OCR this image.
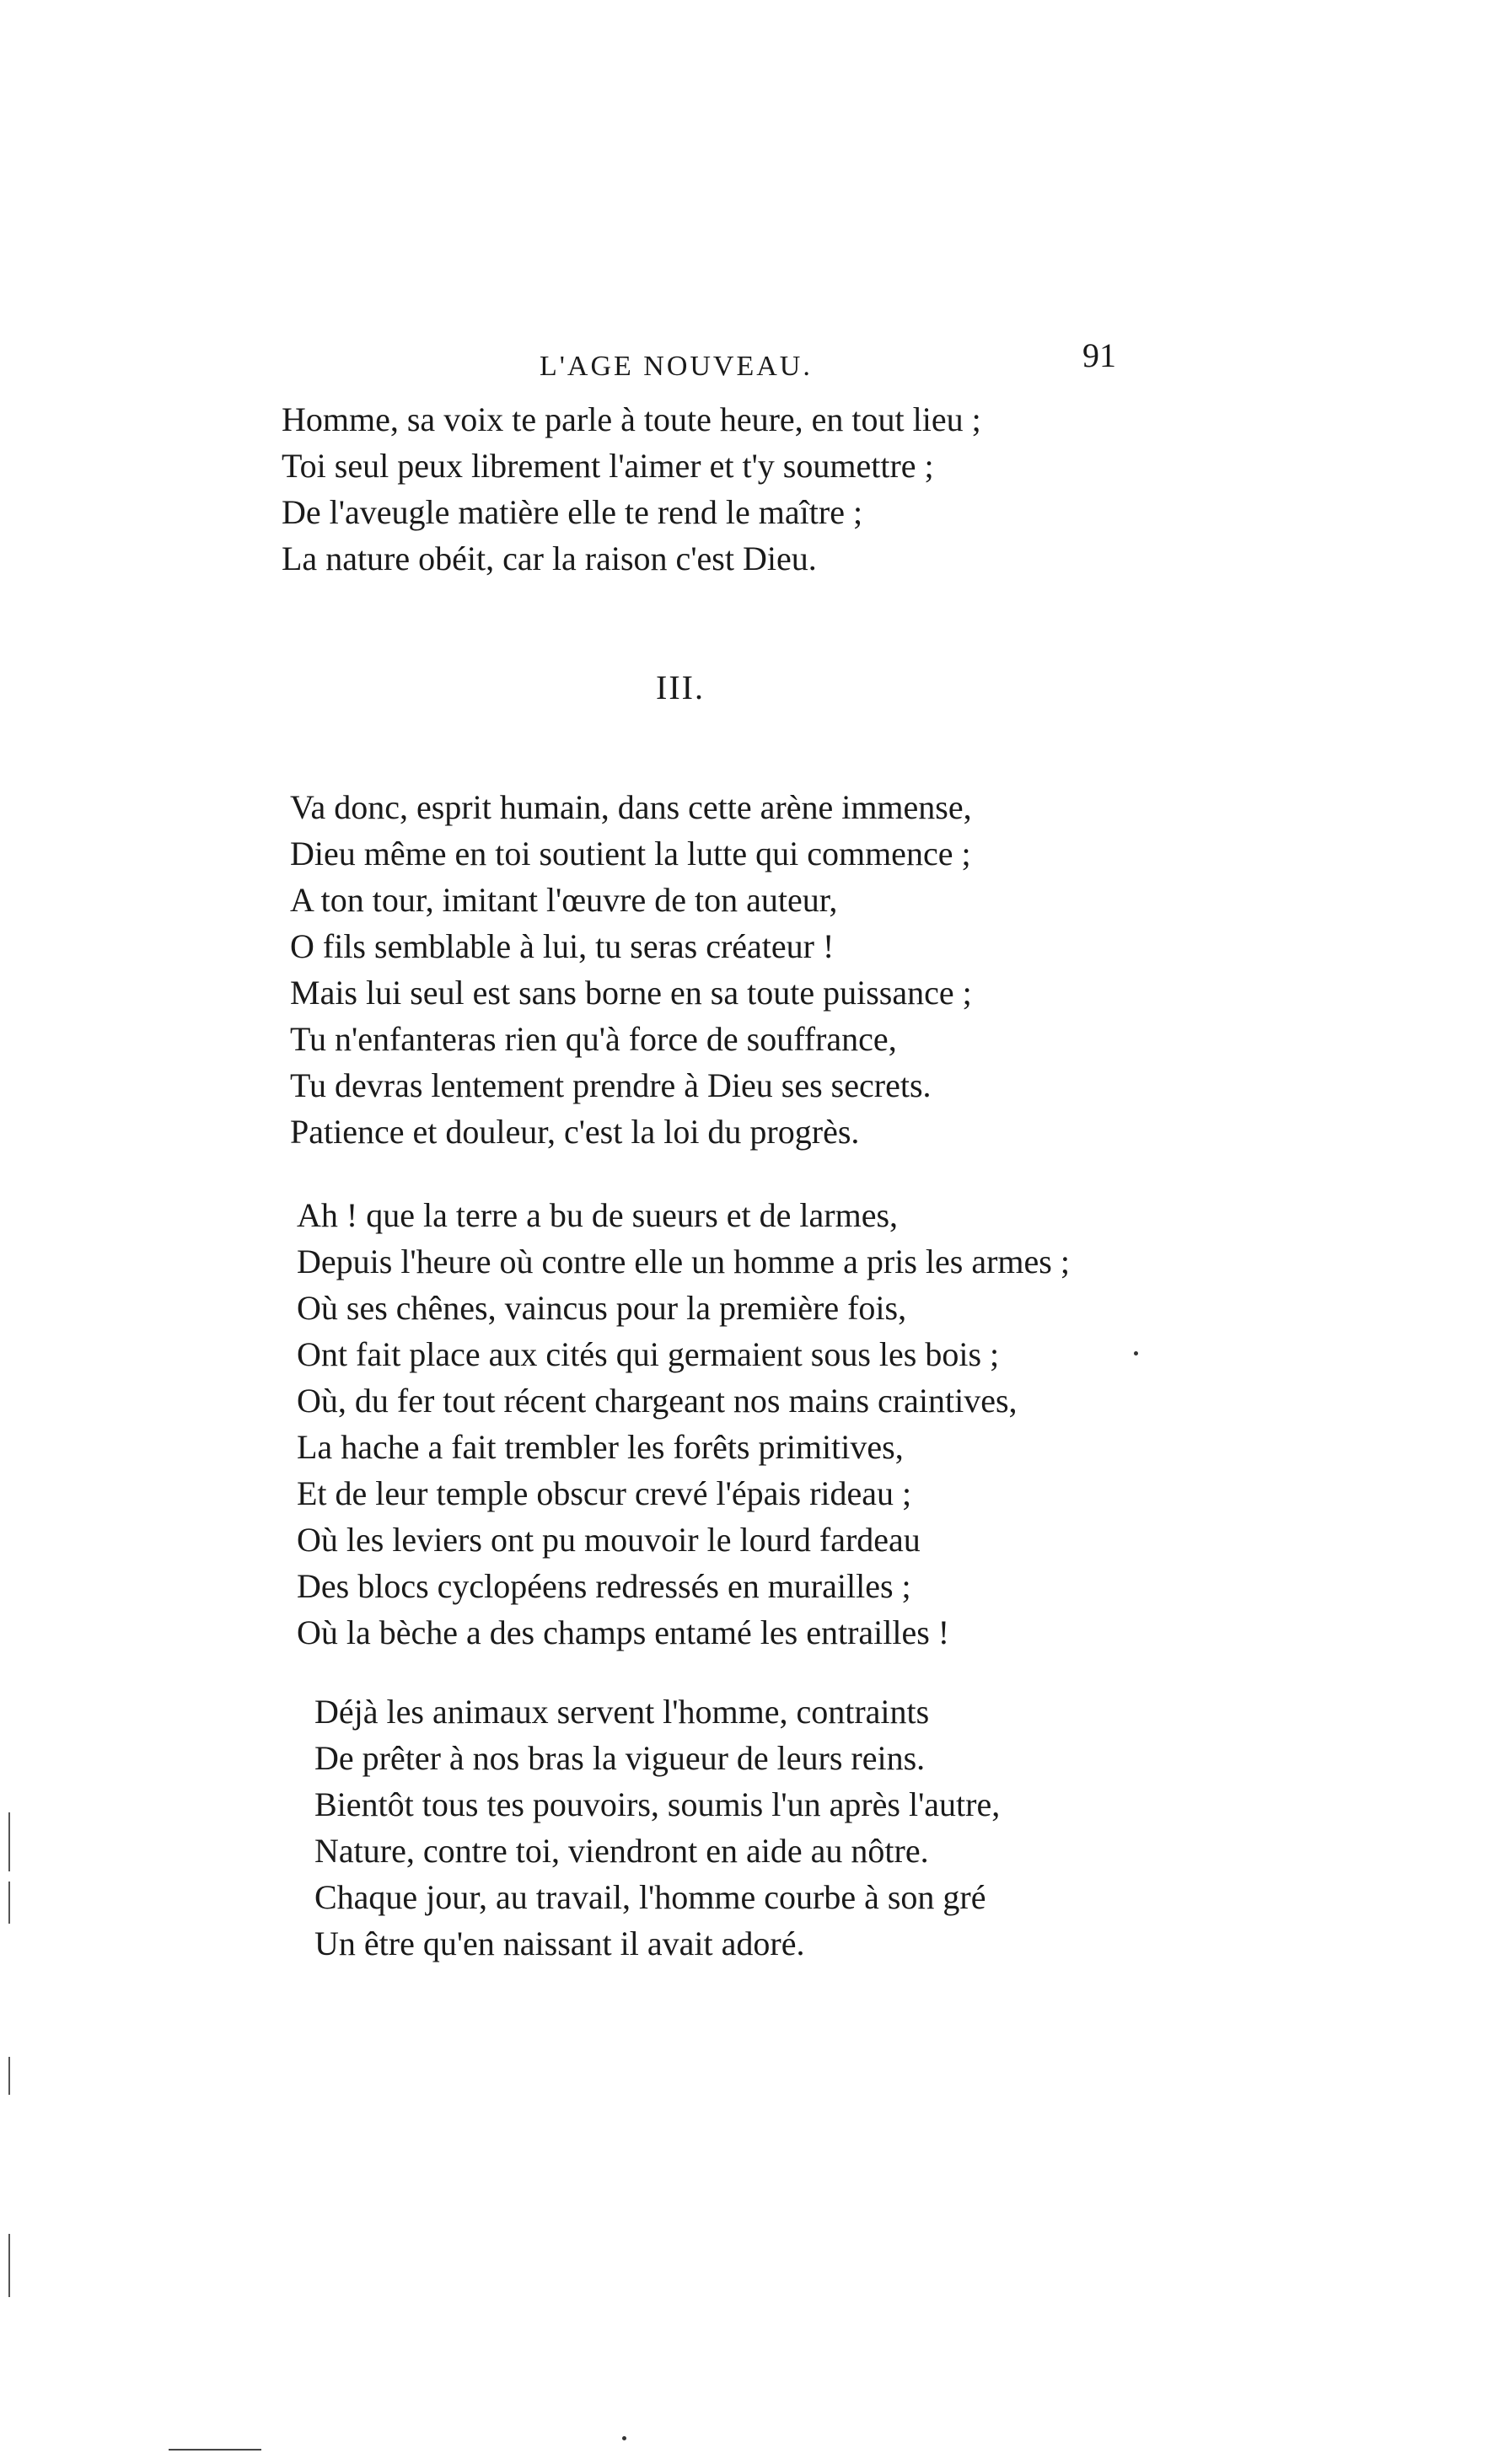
L'AGE NOUVEAU.	91
Homme, sa voix te parle à toute heure, en tout lieu ;
Toi seul peux librement l'aimer et t'y soumettre ;
De l'aveugle matière elle te rend le maître ;
La nature obéit, car la raison c'est Dieu.
III.
Va donc, esprit humain, dans cette arène immense,
Dieu même en toi soutient la lutte qui commence ;
A ton tour, imitant l'œuvre de ton auteur,
O fils semblable à lui, tu seras créateur !
Mais lui seul est sans borne en sa toute puissance ;
Tu n'enfanteras rien qu'à force de souffrance,
Tu devras lentement prendre à Dieu ses secrets.
Patience et douleur, c'est la loi du progrès.
Ah ! que la terre a bu de sueurs et de larmes,
Depuis l'heure où contre elle un homme a pris les armes ;
Où ses chênes, vaincus pour la première fois,
Ont fait place aux cités qui germaient sous les bois ;
Où, du fer tout récent chargeant nos mains craintives,
La hache a fait trembler les forêts primitives,
Et de leur temple obscur crevé l'épais rideau ;
Où les leviers ont pu mouvoir le lourd fardeau
Des blocs cyclopéens redressés en murailles ;
Où la bèche a des champs entamé les entrailles !
Déjà les animaux servent l'homme, contraints
De prêter à nos bras la vigueur de leurs reins.
Bientôt tous tes pouvoirs, soumis l'un après l'autre,
Nature, contre toi, viendront en aide au nôtre.
Chaque jour, au travail, l'homme courbe à son gré
Un être qu'en naissant il avait adoré.
